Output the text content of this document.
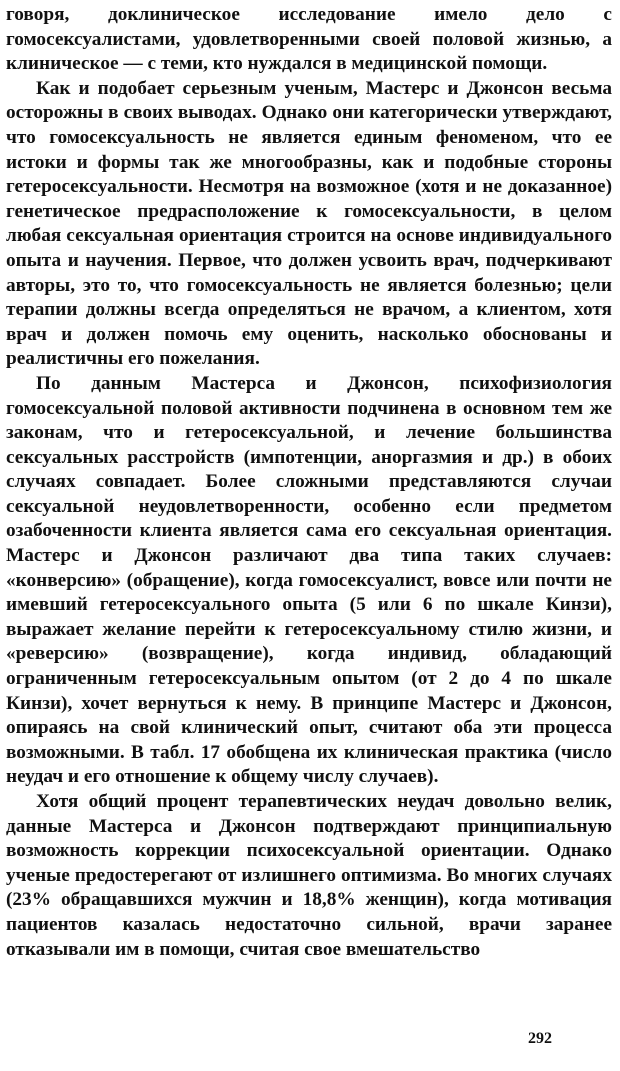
говоря, доклиническое исследование имело дело с гомосексуалистами, удовлетворенными своей половой жизнью, а клиническое — с теми, кто нуждался в медицинской помощи.

Как и подобает серьезным ученым, Мастерс и Джонсон весьма осторожны в своих выводах. Однако они категорически утверждают, что гомосексуальность не является единым феноменом, что ее истоки и формы так же многообразны, как и подобные стороны гетеросексуальности. Несмотря на возможное (хотя и не доказанное) генетическое предрасположение к гомосексуальности, в целом любая сексуальная ориентация строится на основе индивидуального опыта и научения. Первое, что должен усвоить врач, подчеркивают авторы, это то, что гомосексуальность не является болезнью; цели терапии должны всегда определяться не врачом, а клиентом, хотя врач и должен помочь ему оценить, насколько обоснованы и реалистичны его пожелания.

По данным Мастерса и Джонсон, психофизиология гомосексуальной половой активности подчинена в основном тем же законам, что и гетеросексуальной, и лечение большинства сексуальных расстройств (импотенции, аноргазмия и др.) в обоих случаях совпадает. Более сложными представляются случаи сексуальной неудовлетворенности, особенно если предметом озабоченности клиента является сама его сексуальная ориентация. Мастерс и Джонсон различают два типа таких случаев: «конверсию» (обращение), когда гомосексуалист, вовсе или почти не имевший гетеросексуального опыта (5 или 6 по шкале Кинзи), выражает желание перейти к гетеросексуальному стилю жизни, и «реверсию» (возвращение), когда индивид, обладающий ограниченным гетеросексуальным опытом (от 2 до 4 по шкале Кинзи), хочет вернуться к нему. В принципе Мастерс и Джонсон, опираясь на свой клинический опыт, считают оба эти процесса возможными. В табл. 17 обобщена их клиническая практика (число неудач и его отношение к общему числу случаев).

Хотя общий процент терапевтических неудач довольно велик, данные Мастерса и Джонсон подтверждают принципиальную возможность коррекции психосексуальной ориентации. Однако ученые предостерегают от излишнего оптимизма. Во многих случаях (23% обращавшихся мужчин и 18,8% женщин), когда мотивация пациентов казалась недостаточно сильной, врачи заранее отказывали им в помощи, считая свое вмешательство

292
